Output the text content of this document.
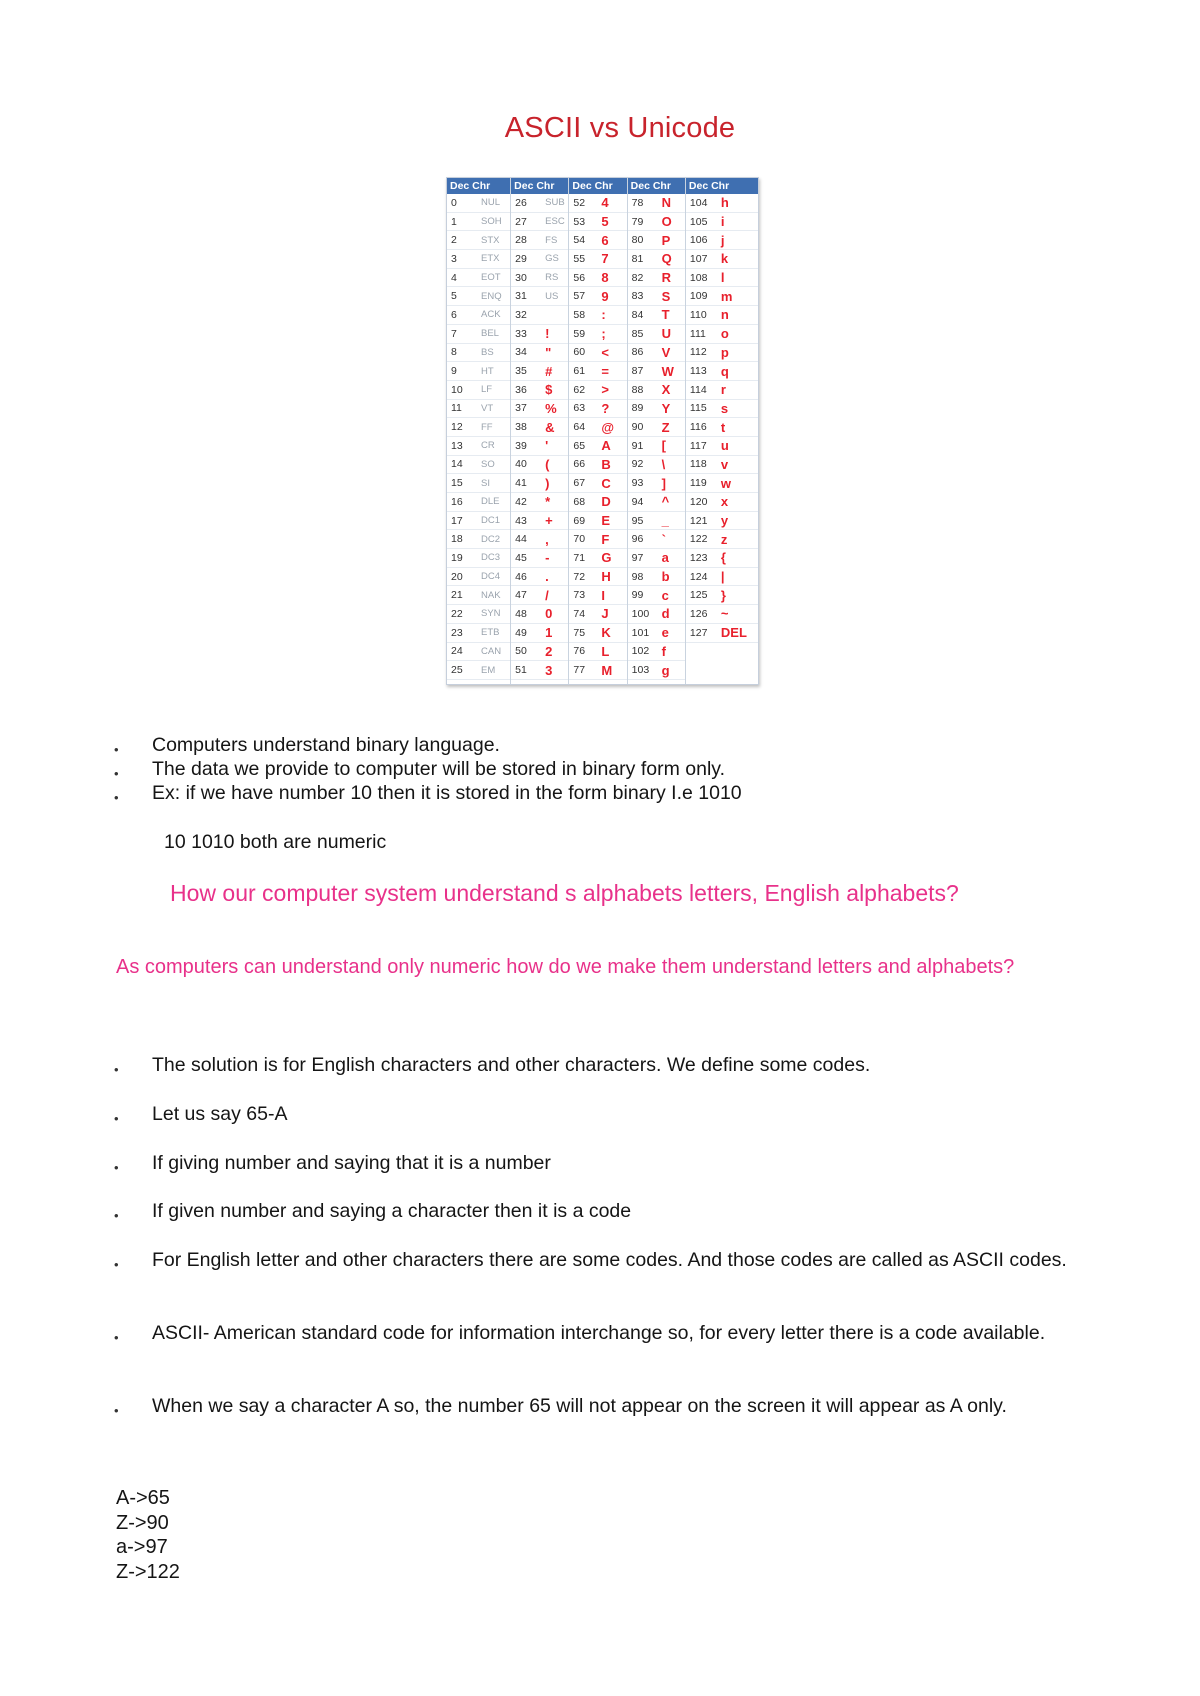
ASCII vs Unicode
Dec Chr
0	NUL
1	SOH
2	STX
3	ETX
4	EOT
5	ENQ
6	ACK
7	BEL
8	BS
9	HT
10	LF
11	VT
12	FF
13	CR
14	SO
15	SI
16	DLE
17	DC1
18	DC2
19	DC3
20	DC4
21	NAK
22	SYN
23	ETB
24	CAN
25	EM
Dec Chr
26	SUB
27	ESC
28	FS
29	GS
30	RS
31	US
32
33	!
34	"
35	#
36	$
37	%
38	&
39	'
40	(
41	)
42	*
43	+
44	,
45	-
46	.
47	/
48	0
49	1
50	2
51	3
Dec Chr
52	4
53	5
54	6
55	7
56	8
57	9
58	:
59	;
60	<
61	=
62	>
63	?
64	@
65	A
66	B
67	C
68	D
69	E
70	F
71	G
72	H
73	I
74	J
75	K
76	L
77	M
Dec Chr
78	N
79	O
80	P
81	Q
82	R
83	S
84	T
85	U
86	V
87	W
88	X
89	Y
90	Z
91	[
92	\
93	]
94	^
95	_
96	`
97	a
98	b
99	c
100 d
101 e
102 f
103 g
Dec Chr
104	h
105	i
106	j
107	k
108	l
109	m
110	n
111	o
112	p
113	q
114	r
115	s
116	t
117	u
118	v
119	w
120	x
121	y
122	z
123	{
124	|
125	}
126	~
127	DEL
• Computers understand binary language.
• The data we provide to computer will be stored in binary form only.
• Ex: if we have number 10 then it is stored in the form binary I.e 1010
10 1010 both are numeric
How our computer system understand s alphabets letters, English alphabets?
As computers can understand only numeric how do we make them understand letters and alphabets?
• The solution is for English characters and other characters. We define some codes.
• Let us say 65-A
• If giving number and saying that it is a number
• If given number and saying a character then it is a code
• For English letter and other characters there are some codes. And those codes are called as ASCII codes.
• ASCII- American standard code for information interchange so, for every letter there is a code available.
• When we say a character A so, the number 65 will not appear on the screen it will appear as A only.
A->65
Z->90
a->97
Z->122
